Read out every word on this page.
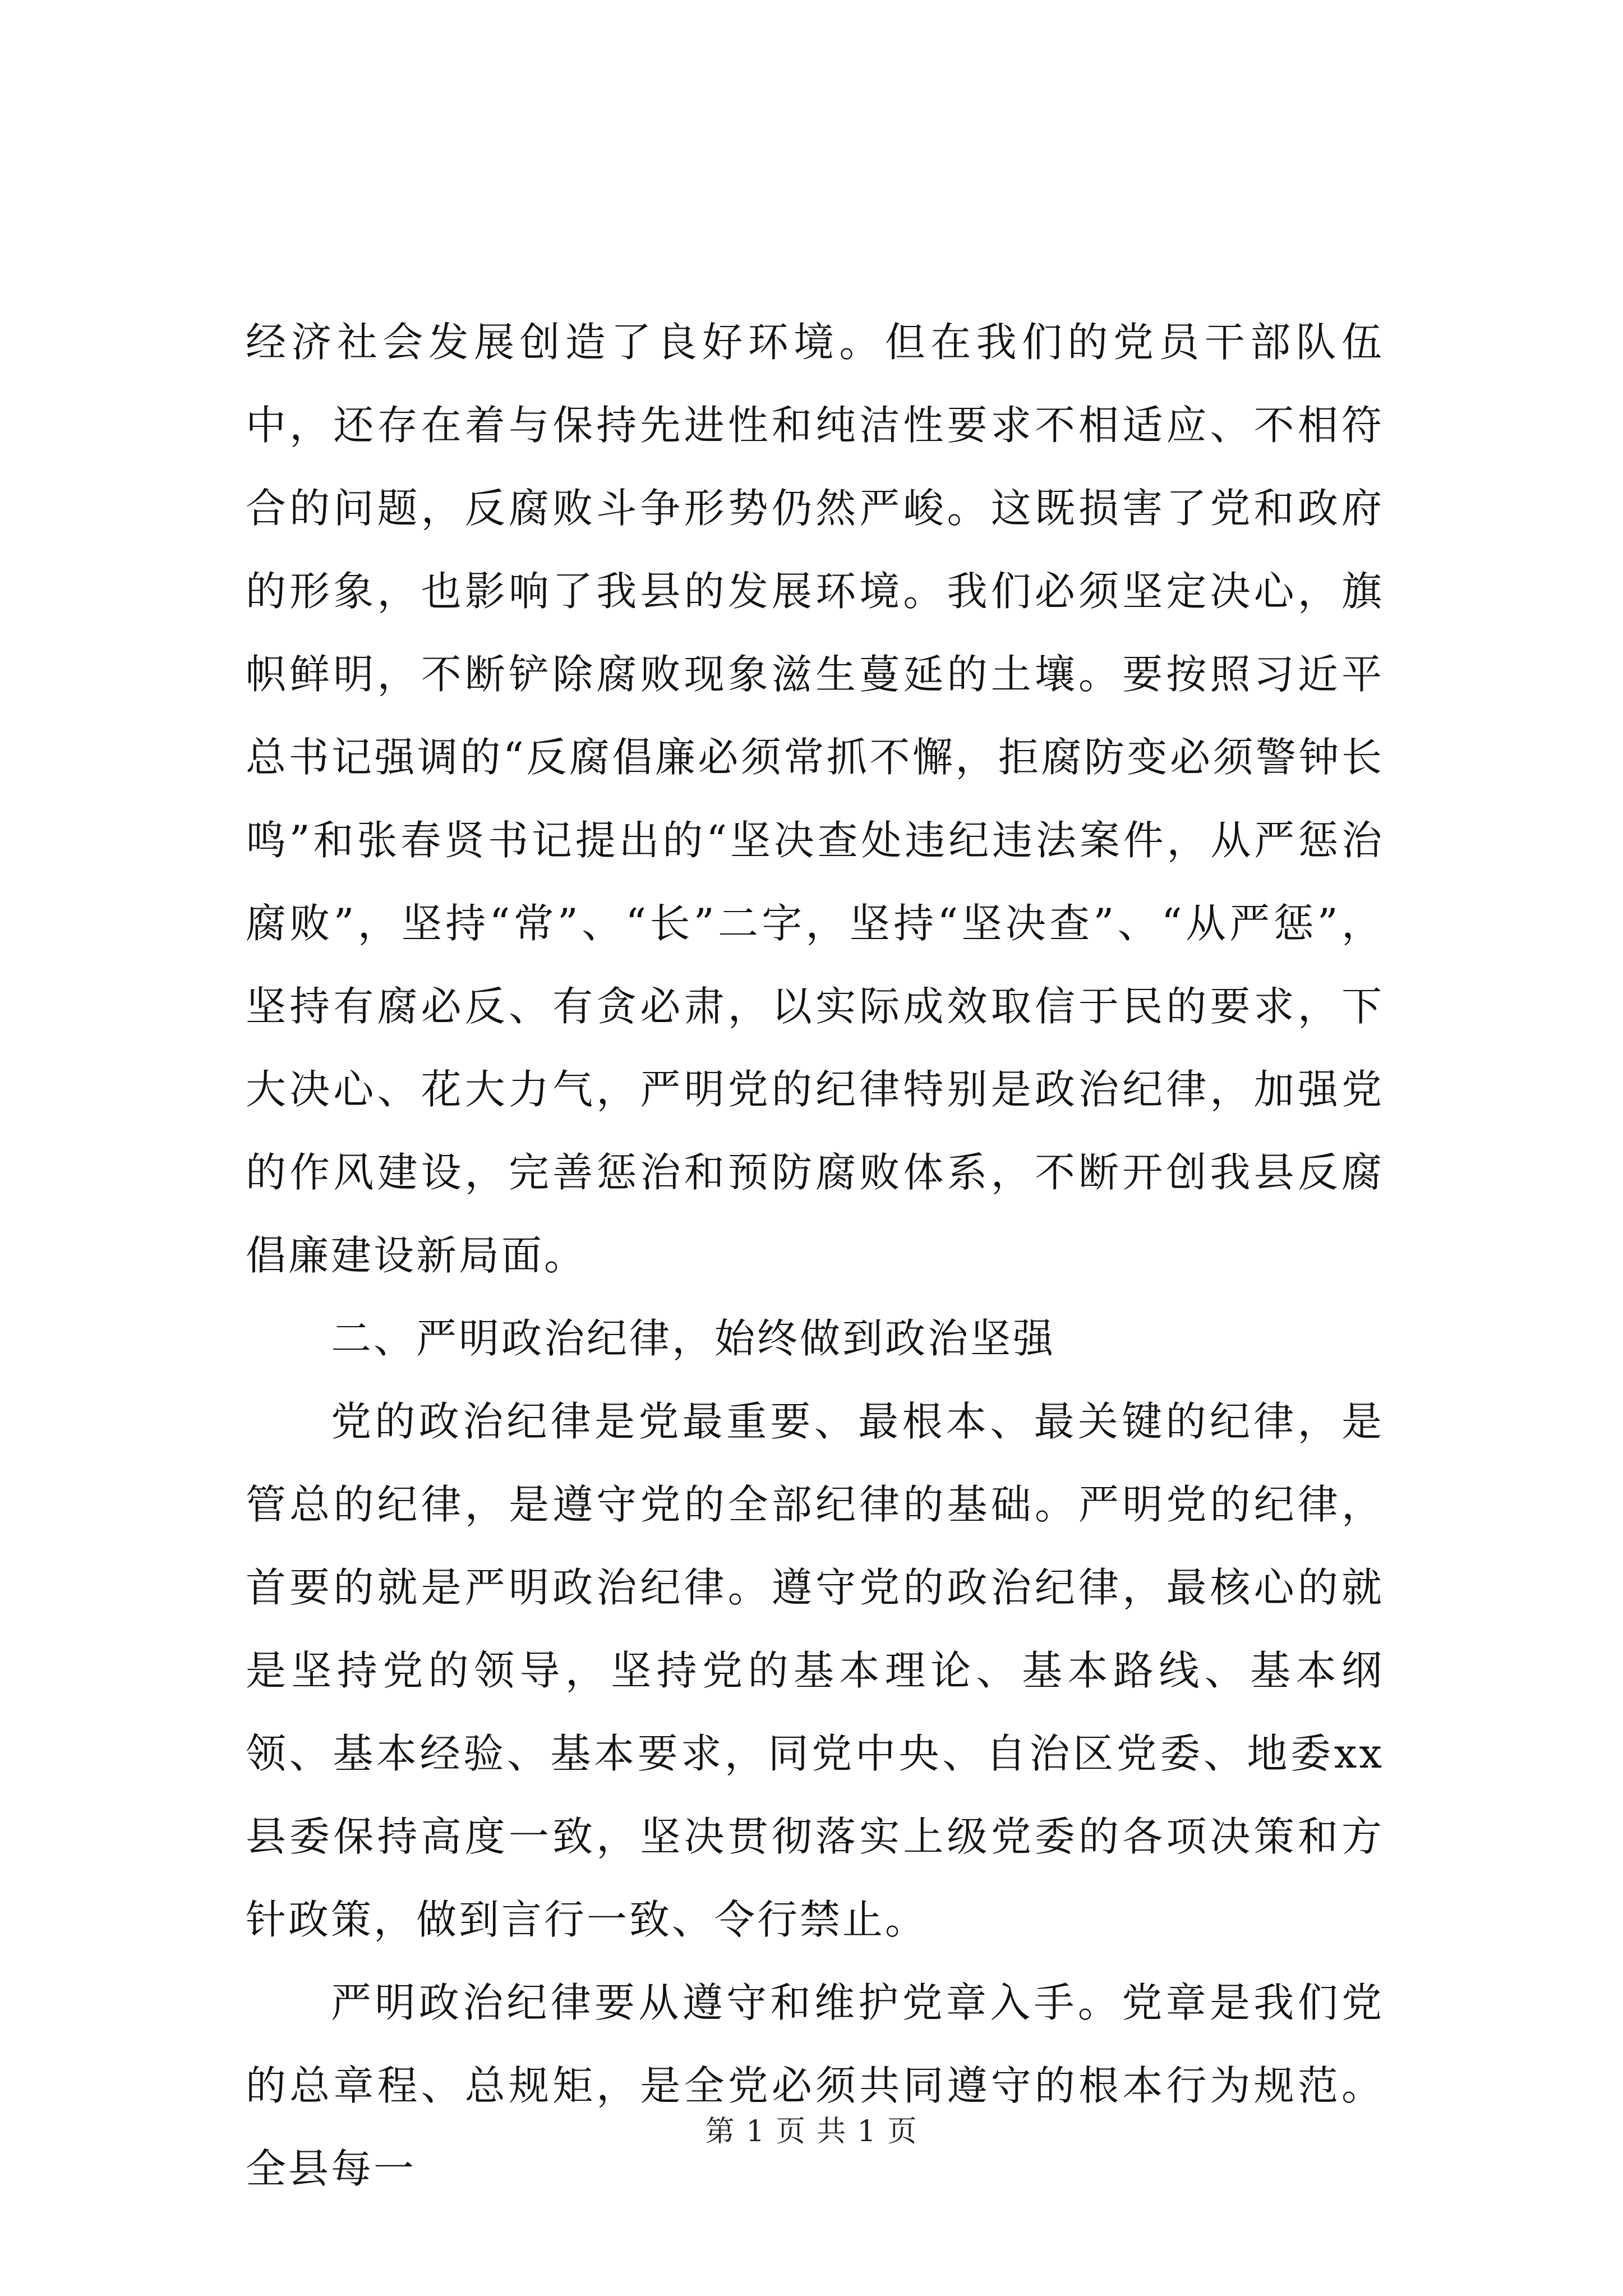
经济社会发展创造了良好环境。但在我们的党员干部队伍中，还存在着与保持先进性和纯洁性要求不相适应、不相符合的问题，反腐败斗争形势仍然严峻。这既损害了党和政府的形象，也影响了我县的发展环境。我们必须坚定决心，旗帜鲜明，不断铲除腐败现象滋生蔓延的土壤。要按照习近平总书记强调的“反腐倡廉必须常抓不懈，拒腐防变必须警钟长鸣”和张春贤书记提出的“坚决查处违纪违法案件，从严惩治腐败”，坚持“常”、“长”二字，坚持“坚决查”、“从严惩”，坚持有腐必反、有贪必肃，以实际成效取信于民的要求，下大决心、花大力气，严明党的纪律特别是政治纪律，加强党的作风建设，完善惩治和预防腐败体系，不断开创我县反腐倡廉建设新局面。

二、严明政治纪律，始终做到政治坚强

党的政治纪律是党最重要、最根本、最关键的纪律，是管总的纪律，是遵守党的全部纪律的基础。严明党的纪律，首要的就是严明政治纪律。遵守党的政治纪律，最核心的就是坚持党的领导，坚持党的基本理论、基本路线、基本纲领、基本经验、基本要求，同党中央、自治区党委、地委xx县委保持高度一致，坚决贯彻落实上级党委的各项决策和方针政策，做到言行一致、令行禁止。

严明政治纪律要从遵守和维护党章入手。党章是我们党的总章程、总规矩，是全党必须共同遵守的根本行为规范。全县每一

第 1 页 共 1 页
